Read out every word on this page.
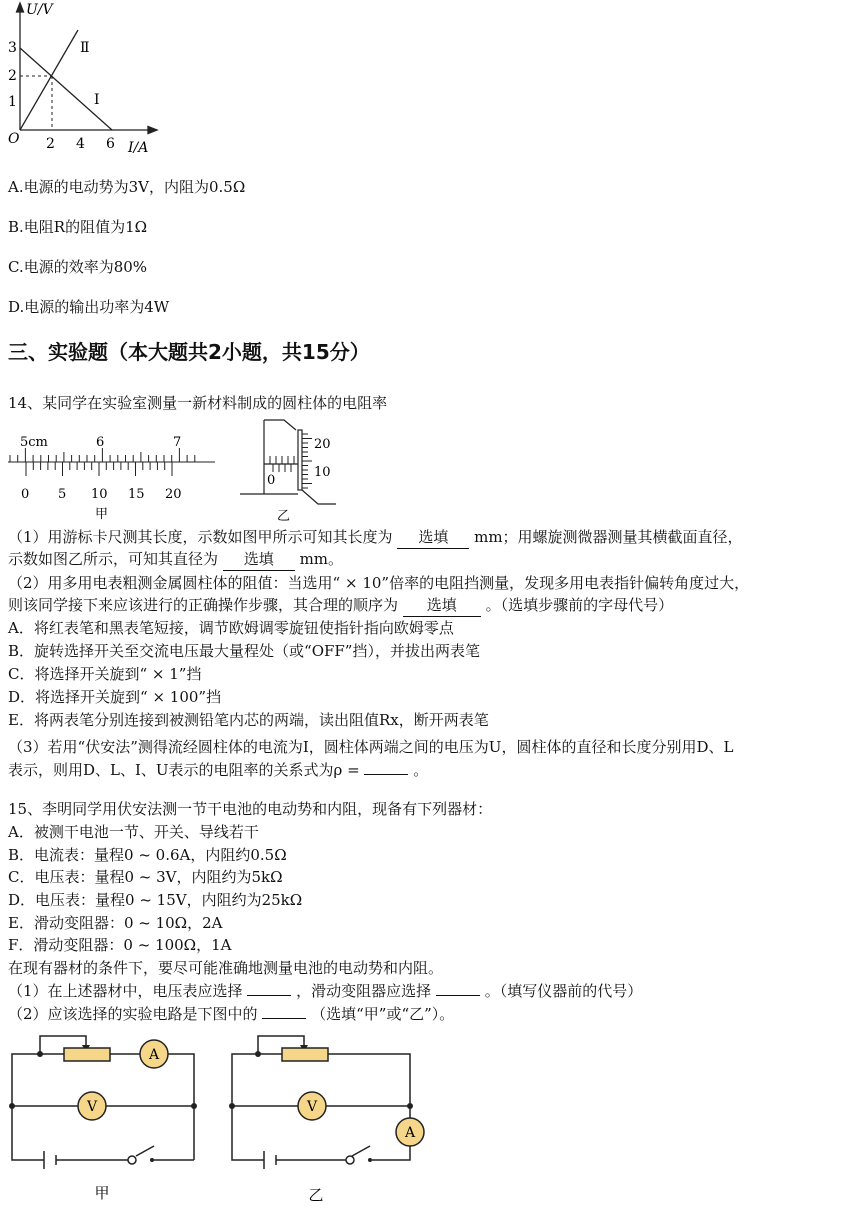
U/V
3
2
1
O 2 4 6 I/A
Ⅱ
Ⅰ
A.电源的电动势为3V，内阻为0.5Ω
B.电阻R的阻值为1Ω
C.电源的效率为80%
D.电源的输出功率为4W
三、实验题（本大题共2小题，共15分）
14、某同学在实验室测量一新材料制成的圆柱体的电阻率
5cm	6	7
0 5 10 15 20
甲
20
10
0
乙
（1）用游标卡尺测其长度，示数如图甲所示可知其长度为 选填 mm；用螺旋测微器测量其横截面直径，
示数如图乙所示，可知其直径为 选填 mm。
（2）用多用电表粗测金属圆柱体的阻值：当选用“ × 10”倍率的电阻挡测量，发现多用电表指针偏转角度过大，
则该同学接下来应该进行的正确操作步骤，其合理的顺序为 选填 。（选填步骤前的字母代号）
A．将红表笔和黑表笔短接，调节欧姆调零旋钮使指针指向欧姆零点
B．旋转选择开关至交流电压最大量程处（或“OFF”挡），并拔出两表笔
C．将选择开关旋到“ × 1”挡
D．将选择开关旋到“ × 100”挡
E．将两表笔分别连接到被测铅笔内芯的两端，读出阻值Rx，断开两表笔
（3）若用“伏安法”测得流经圆柱体的电流为I，圆柱体两端之间的电压为U，圆柱体的直径和长度分别用D、L
表示，则用D、L、I、U表示的电阻率的关系式为ρ =	。
15、李明同学用伏安法测一节干电池的电动势和内阻，现备有下列器材：
A．被测干电池一节、开关、导线若干
B．电流表：量程0 ~ 0.6A，内阻约0.5Ω
C．电压表：量程0 ~ 3V，内阻约为5kΩ
D．电压表：量程0 ~ 15V，内阻约为25kΩ
E．滑动变阻器：0 ~ 10Ω，2A
F．滑动变阻器：0 ~ 100Ω，1A
在现有器材的条件下，要尽可能准确地测量电池的电动势和内阻。
（1）在上述器材中，电压表应选择	，滑动变阻器应选择	。（填写仪器前的代号）
（2）应该选择的实验电路是下图中的	（选填“甲”或“乙”）。
A
V
甲
V
A
乙
